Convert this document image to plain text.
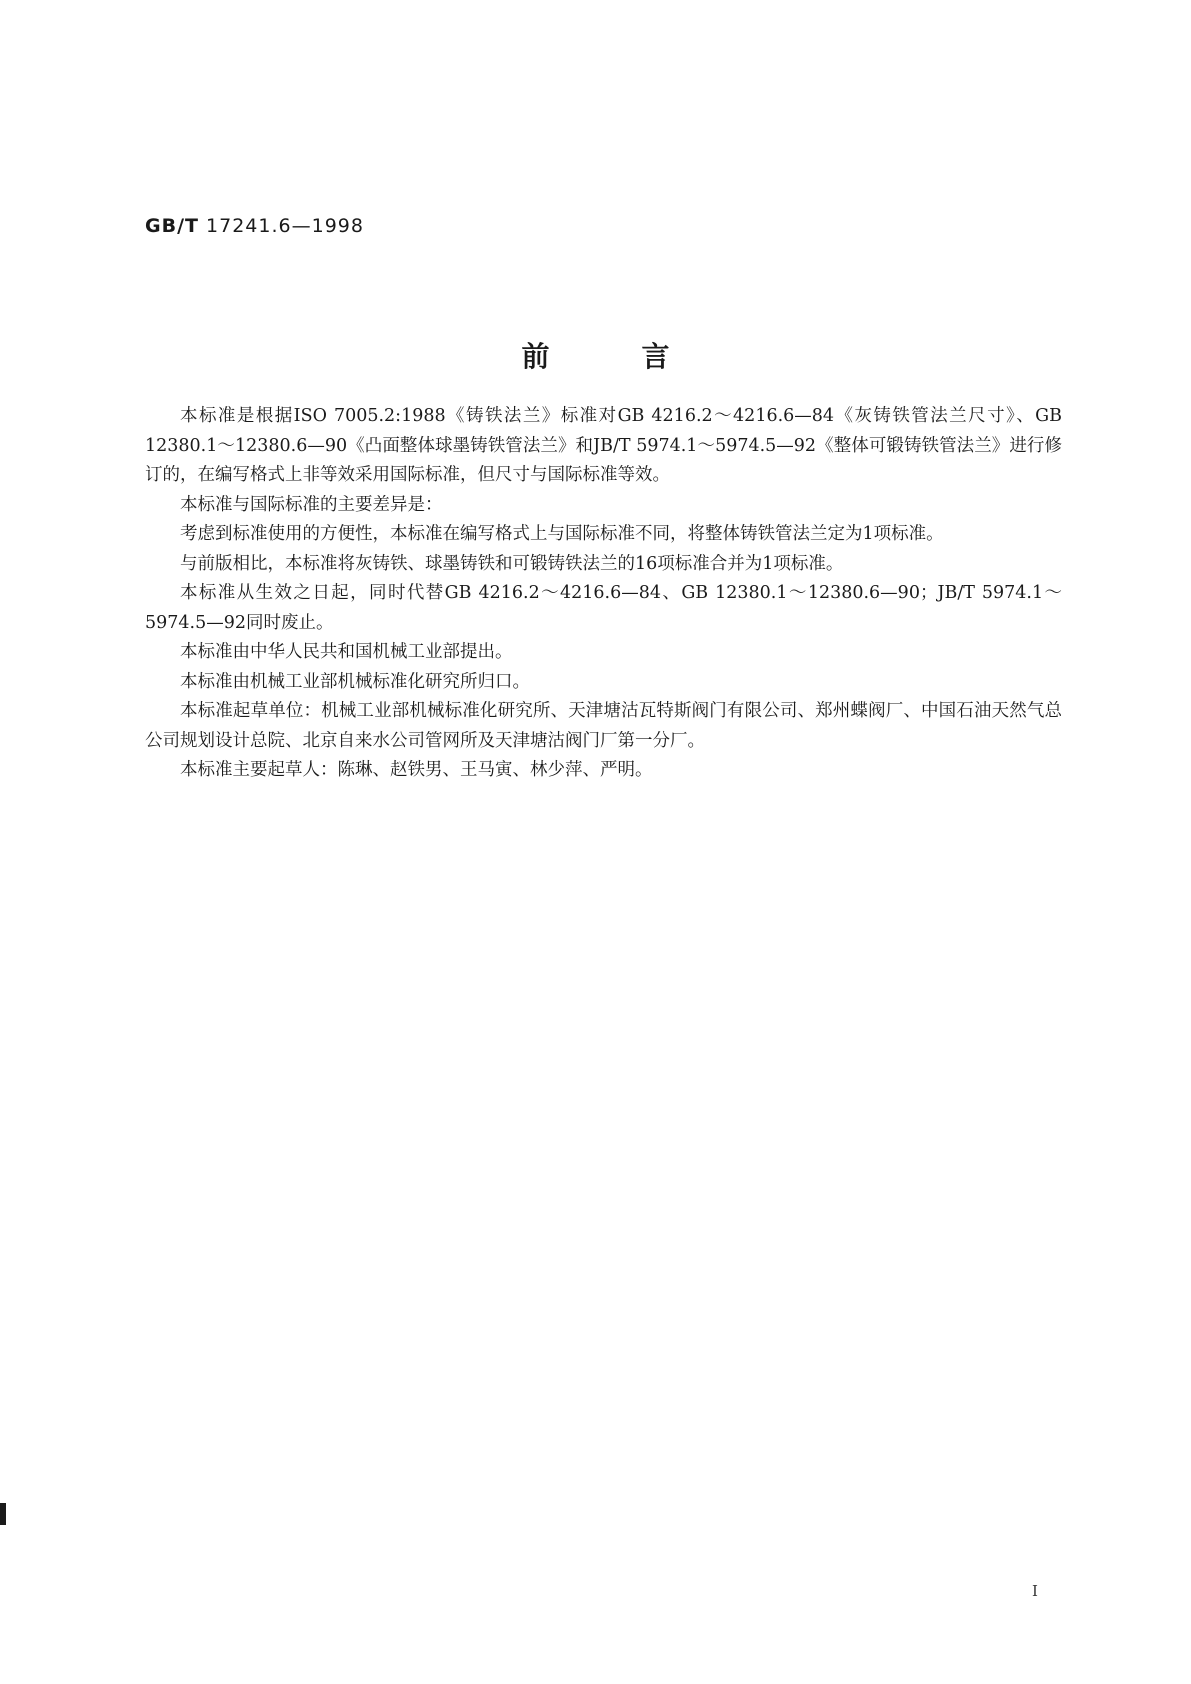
GB/T 17241.6—1998
前	言

本标准是根据ISO 7005.2:1988《铸铁法兰》标准对GB 4216.2～4216.6—84《灰铸铁管法兰尺寸》、GB 12380.1～12380.6—90《凸面整体球墨铸铁管法兰》和JB/T 5974.1～5974.5—92《整体可锻铸铁管法兰》进行修订的，在编写格式上非等效采用国际标准，但尺寸与国际标准等效。

本标准与国际标准的主要差异是：

考虑到标准使用的方便性，本标准在编写格式上与国际标准不同，将整体铸铁管法兰定为1项标准。

与前版相比，本标准将灰铸铁、球墨铸铁和可锻铸铁法兰的16项标准合并为1项标准。

本标准从生效之日起，同时代替GB 4216.2～4216.6—84、GB 12380.1～12380.6—90；JB/T 5974.1～5974.5—92同时废止。

本标准由中华人民共和国机械工业部提出。

本标准由机械工业部机械标准化研究所归口。

本标准起草单位：机械工业部机械标准化研究所、天津塘沽瓦特斯阀门有限公司、郑州蝶阀厂、中国石油天然气总公司规划设计总院、北京自来水公司管网所及天津塘沽阀门厂第一分厂。

本标准主要起草人：陈琳、赵铁男、王马寅、林少萍、严明。

I
